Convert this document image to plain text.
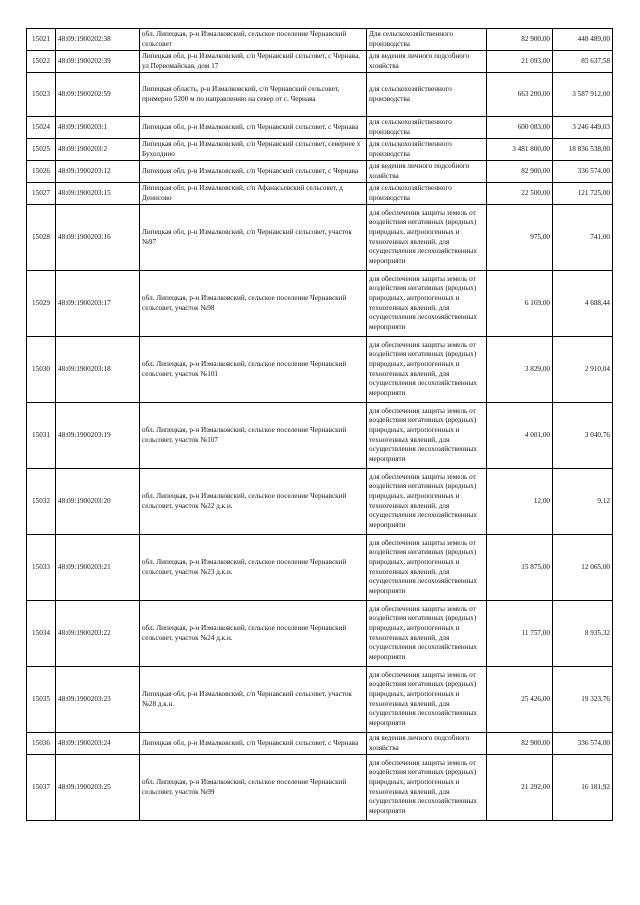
15021	48:09:1900202:38	обл. Липецкая, р-н Измалковский, сельское поселение Чернавский сельсовет	Для сельскохозяйственного производства	82 900,00	448 489,00
15022	48:09:1900202:39	Липецкая обл, р-н Измалковский, с/п Чернавский сельсовет, с Чернава, ул Первомайская, дом 17	для ведения личного подсобного хозяйства	21 093,00	85 637,58
15023	48:09:1900202:59	Липецкая область, р-н Измалковский, с/п Чернавский сельсовет, примерно 5200 м по направлению на север от с. Чернава	для сельскохозяйственного производства	663 200,00	3 587 912,00
15024	48:09:1900203:1	Липецкая обл, р-н Измалковский, с/п Чернавский сельсовет, с Чернава	для сельскохозяйственного производства	600 083,00	3 246 449,03
15025	48:09:1900203:2	Липецкая обл, р-н Измалковский, с/п Чернавский сельсовет, севернее х Бухолдино	для сельскохозяйственного производства	3 481 800,00	18 836 538,00
15026	48:09:1900203:12	Липецкая обл, р-н Измалковский, с/п Чернавский сельсовет, с Чернава	для ведения личного подсобного хозяйства	82 900,00	336 574,00
15027	48:09:1900203:15	Липецкая обл, р-н Измалковский, с/п Афанасьевский сельсовет, д Денисово	для сельскохозяйственного производства	22 500,00	121 725,00
15028	48:09:1900203:16	Липецкая обл, р-н Измалковский, с/п Чернавский сельсовет, участок №97	для обеспечения защиты земель от воздействия негативных (вредных) природных, антропогенных и техногенных явлений, для осуществления лесохозяйственных мероприяти	975,00	741,00
15029	48:09:1900203:17	обл. Липецкая, р-н Измалковский, сельское поселение Чернавский сельсовет, участок №98	для обеспечения защиты земель от воздействия негативных (вредных) природных, антропогенных и техногенных явлений, для осуществления лесохозяйственных мероприяти	6 169,00	4 688,44
15030	48:09:1900203:18	обл. Липецкая, р-н Измалковский, сельское поселение Чернавский сельсовет, участок №101	для обеспечения защиты земель от воздействия негативных (вредных) природных, антропогенных и техногенных явлений, для осуществления лесохозяйственных мероприяти	3 829,00	2 910,04
15031	48:09:1900203:19	обл. Липецкая, р-н Измалковский, сельское поселение Чернавский сельсовет, участок №107	для обеспечения защиты земель от воздействия негативных (вредных) природных, антропогенных и техногенных явлений, для осуществления лесохозяйственных мероприяти	4 001,00	3 040,76
15032	48:09:1900203:20	обл. Липецкая, р-н Измалковский, сельское поселение Чернавский сельсовет, участок №22 д.к.н.	для обеспечения защиты земель от воздействия негативных (вредных) природных, антропогенных и техногенных явлений, для осуществления лесохозяйственных мероприяти	12,00	9,12
15033	48:09:1900203:21	обл. Липецкая, р-н Измалковский, сельское поселение Чернавский сельсовет, участок №23 д.к.н.	для обеспечения защиты земель от воздействия негативных (вредных) природных, антропогенных и техногенных явлений, для осуществления лесохозяйственных мероприяти	15 875,00	12 065,00
15034	48:09:1900203:22	обл. Липецкая, р-н Измалковский, сельское поселение Чернавский сельсовет, участок №24 д.к.н.	для обеспечения защиты земель от воздействия негативных (вредных) природных, антропогенных и техногенных явлений, для осуществления лесохозяйственных мероприяти	11 757,00	8 935,32
15035	48:09:1900203:23	Липецкая обл, р-н Измалковский, с/п Чернавский сельсовет, участок №28 д.к.н.	для обеспечения защиты земель от воздействия негативных (вредных) природных, антропогенных и техногенных явлений, для осуществления лесохозяйственных мероприяти	25 426,00	19 323,76
15036	48:09:1900203:24	Липецкая обл, р-н Измалковский, с/п Чернавский сельсовет, с Чернава	для ведения личного подсобного хозяйства	82 900,00	336 574,00
15037	48:09:1900203:25	обл. Липецкая, р-н Измалковский, сельское поселение Чернавский сельсовет, участок №99	для обеспечения защиты земель от воздействия негативных (вредных) природных, антропогенных и техногенных явлений, для осуществления лесохозяйственных мероприяти	21 292,00	16 181,92
